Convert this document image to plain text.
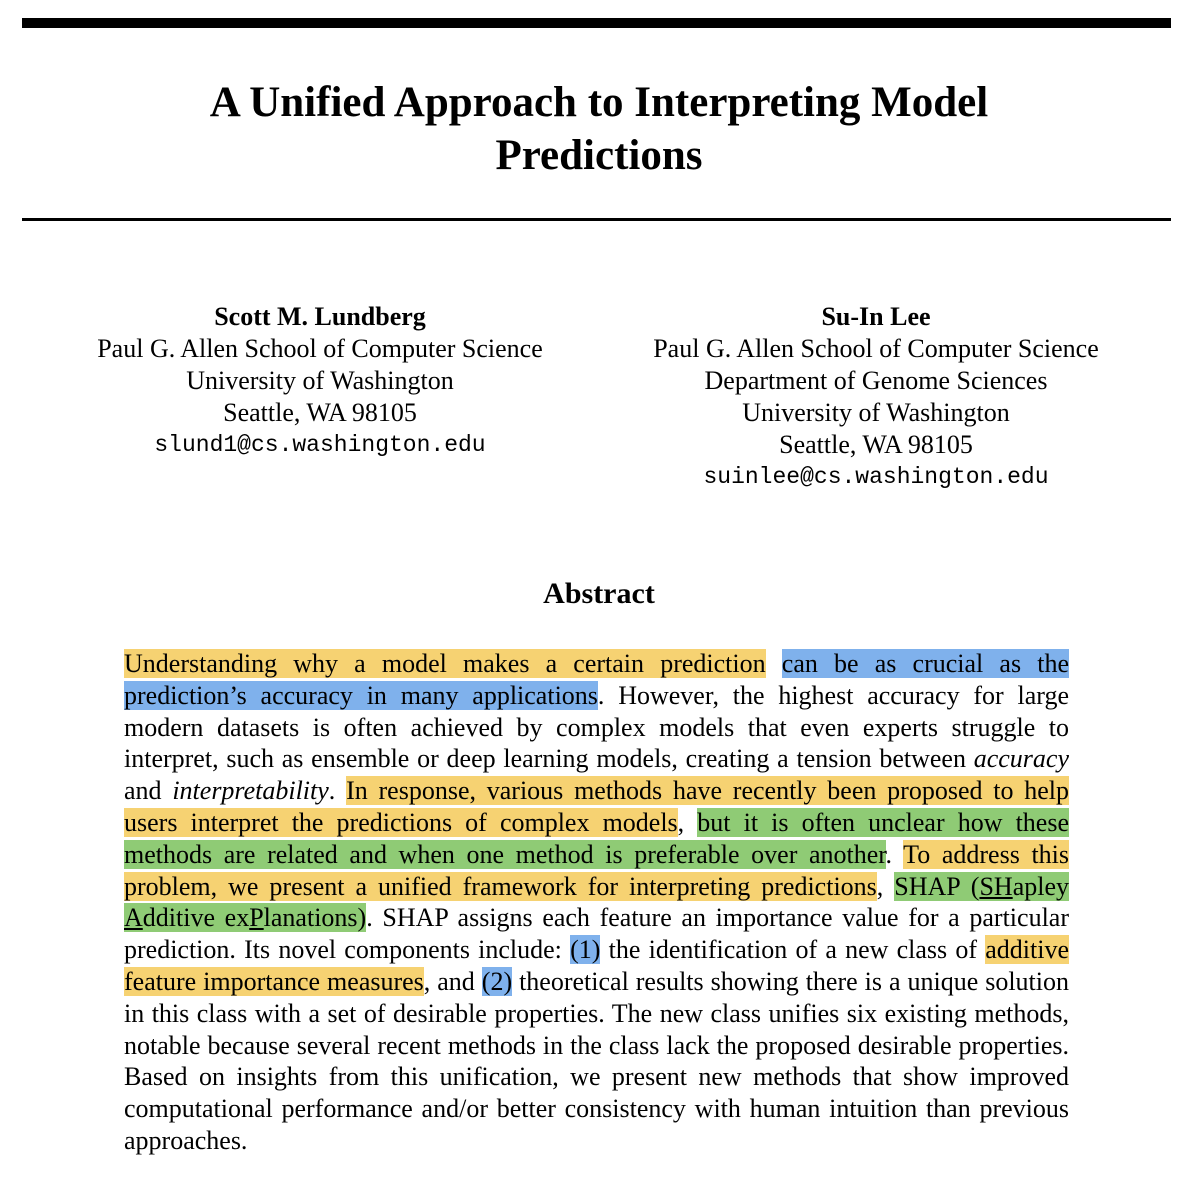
A Unified Approach to Interpreting Model
Predictions
Scott M. Lundberg
Paul G. Allen School of Computer Science
University of Washington
Seattle, WA 98105
slund1@cs.washington.edu
Su-In Lee
Paul G. Allen School of Computer Science
Department of Genome Sciences
University of Washington
Seattle, WA 98105
suinlee@cs.washington.edu
Abstract

Understanding why a model makes a certain prediction can be as crucial as the prediction’s accuracy in many applications. However, the highest accuracy for large modern datasets is often achieved by complex models that even experts struggle to interpret, such as ensemble or deep learning models, creating a tension between accuracy and interpretability. In response, various methods have recently been proposed to help users interpret the predictions of complex models, but it is often unclear how these methods are related and when one method is preferable over another. To address this problem, we present a unified framework for interpreting predictions, SHAP (SHapley Additive exPlanations). SHAP assigns each feature an importance value for a particular prediction. Its novel components include: (1) the identification of a new class of additive feature importance measures, and (2) theoretical results showing there is a unique solution in this class with a set of desirable properties. The new class unifies six existing methods, notable because several recent methods in the class lack the proposed desirable properties. Based on insights from this unification, we present new methods that show improved computational performance and/or better consistency with human intuition than previous approaches.
